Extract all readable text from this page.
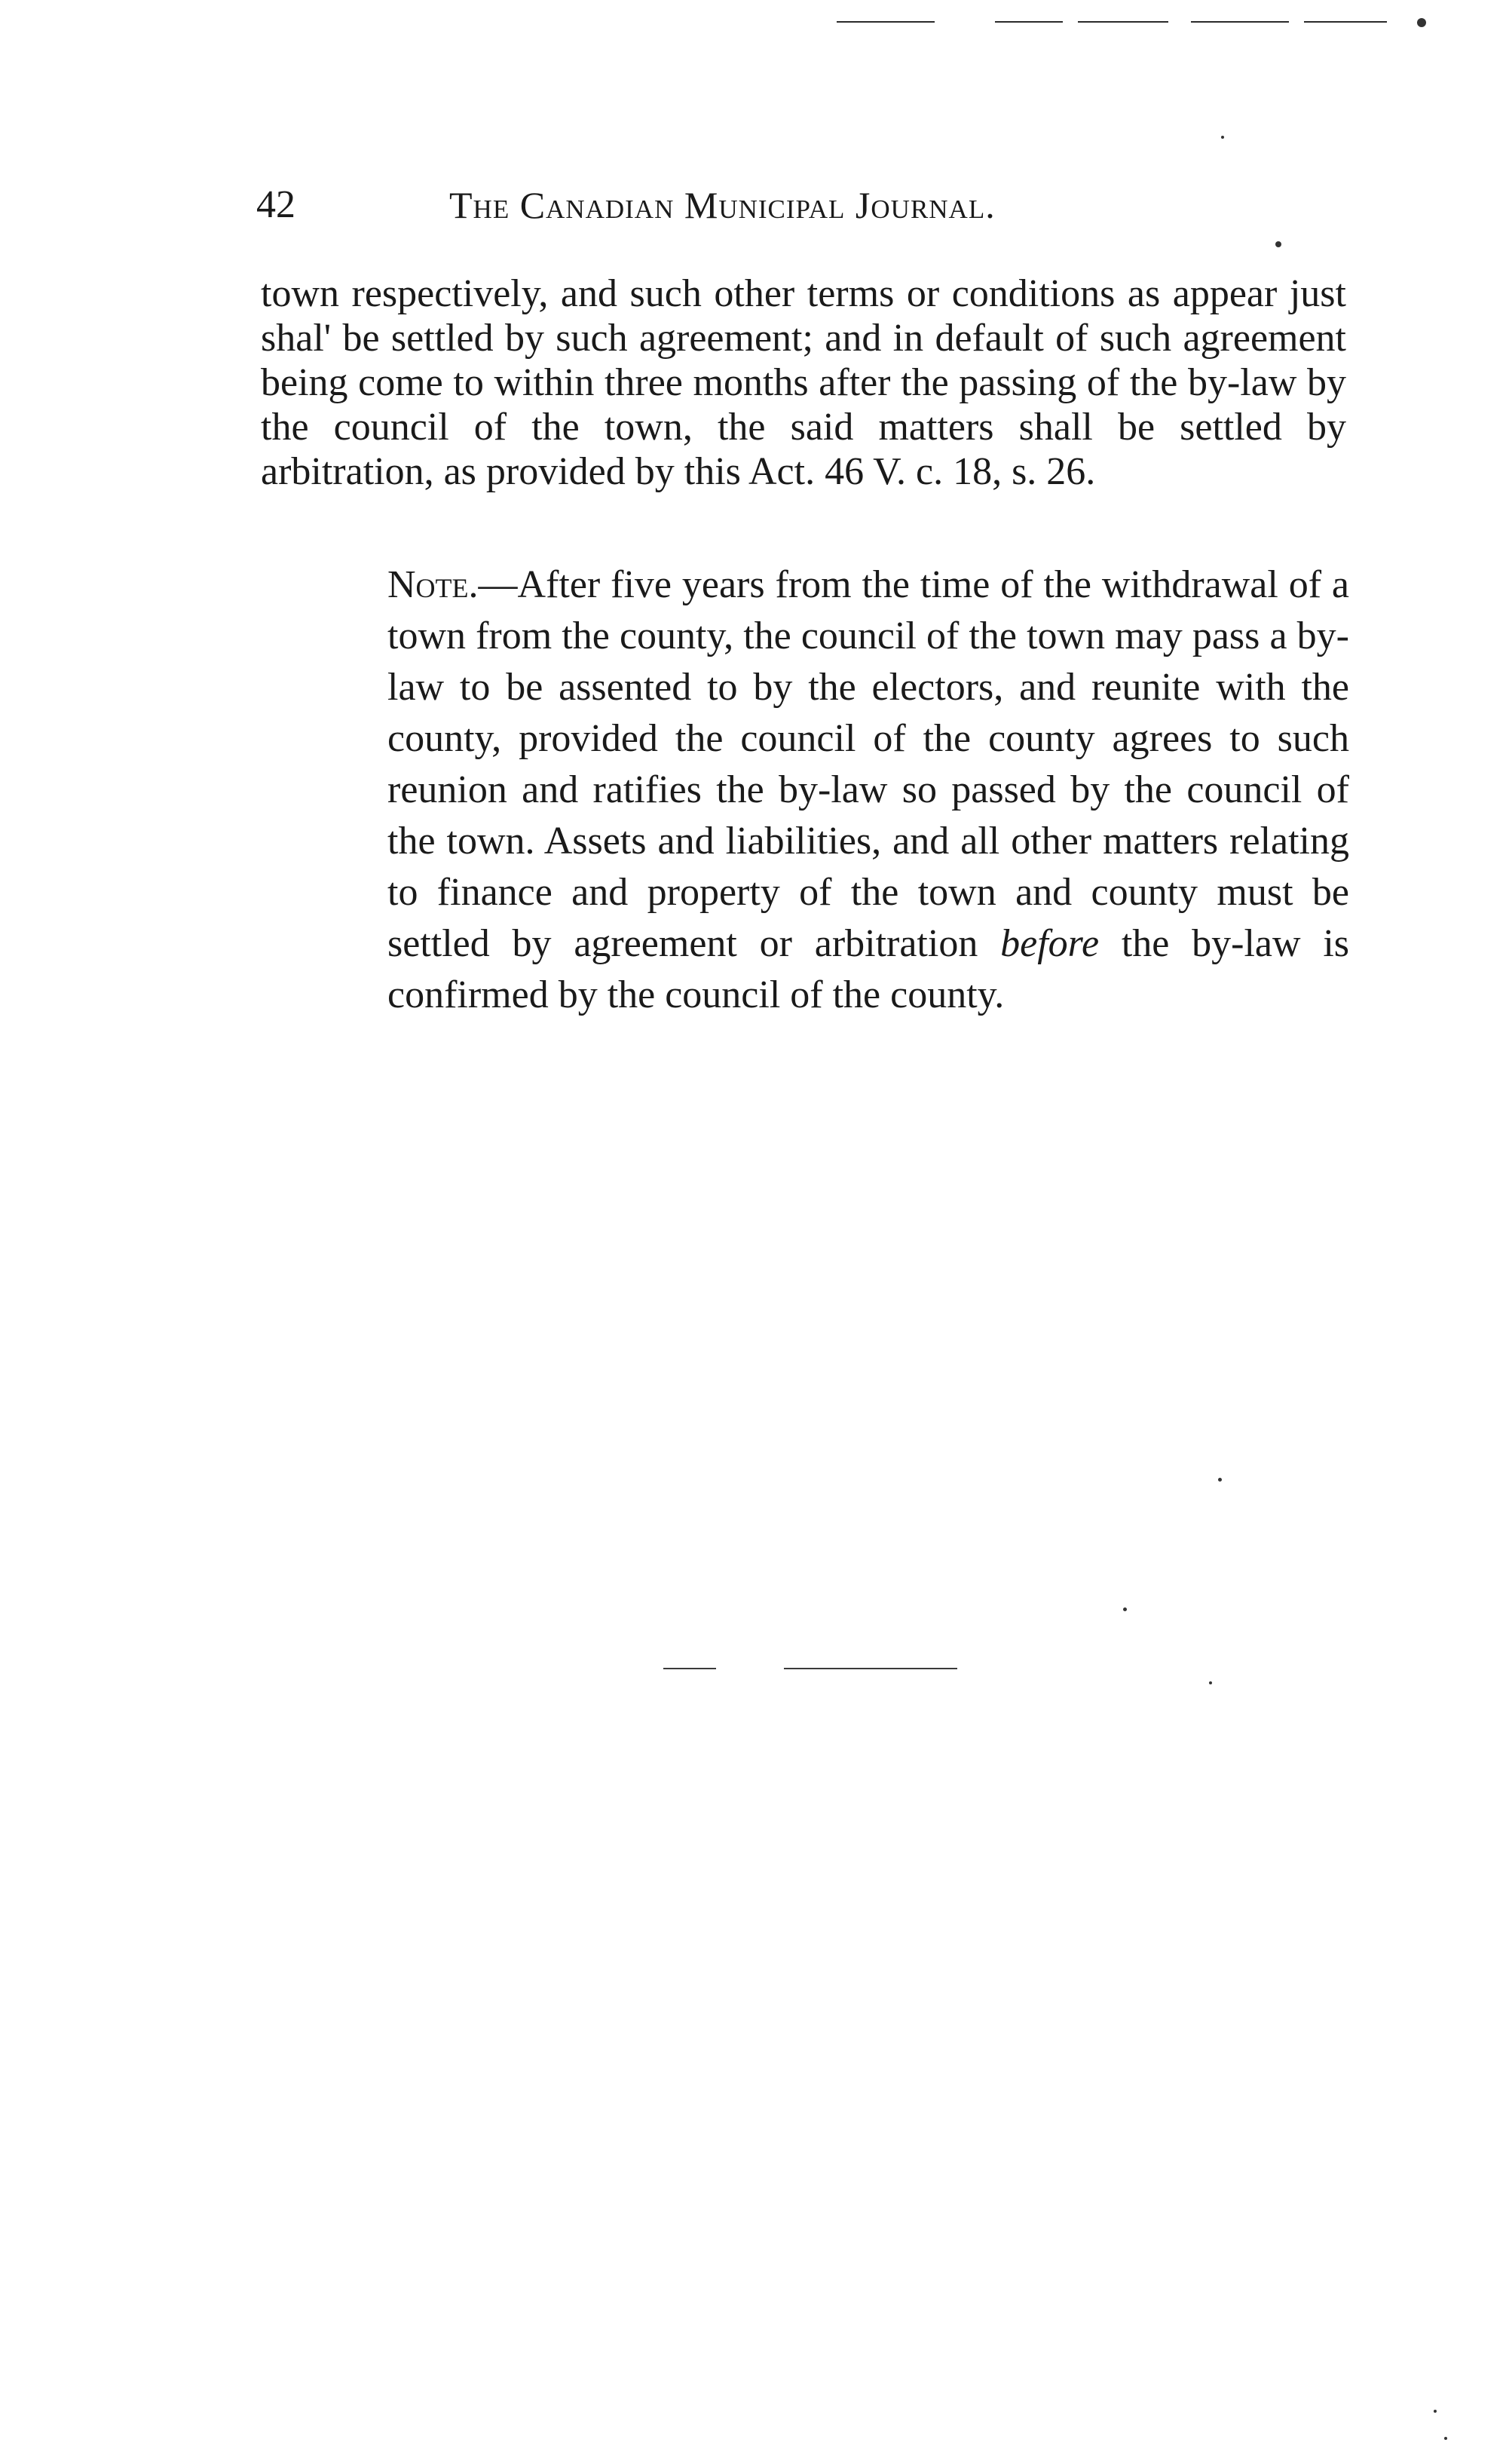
42	The Canadian Municipal Journal.

town respectively, and such other terms or conditions as appear just shal' be settled by such agreement; and in default of such agreement being come to within three months after the passing of the by-law by the council of the town, the said matters shall be settled by arbitration, as provided by this Act. 46 V. c. 18, s. 26.

Note.—After five years from the time of the withdrawal of a town from the county, the council of the town may pass a by-law to be assented to by the electors, and reunite with the county, provided the council of the county agrees to such reunion and ratifies the by-law so passed by the council of the town. Assets and liabilities, and all other matters relating to finance and property of the town and county must be settled by agreement or arbitration before the by-law is confirmed by the council of the county.
